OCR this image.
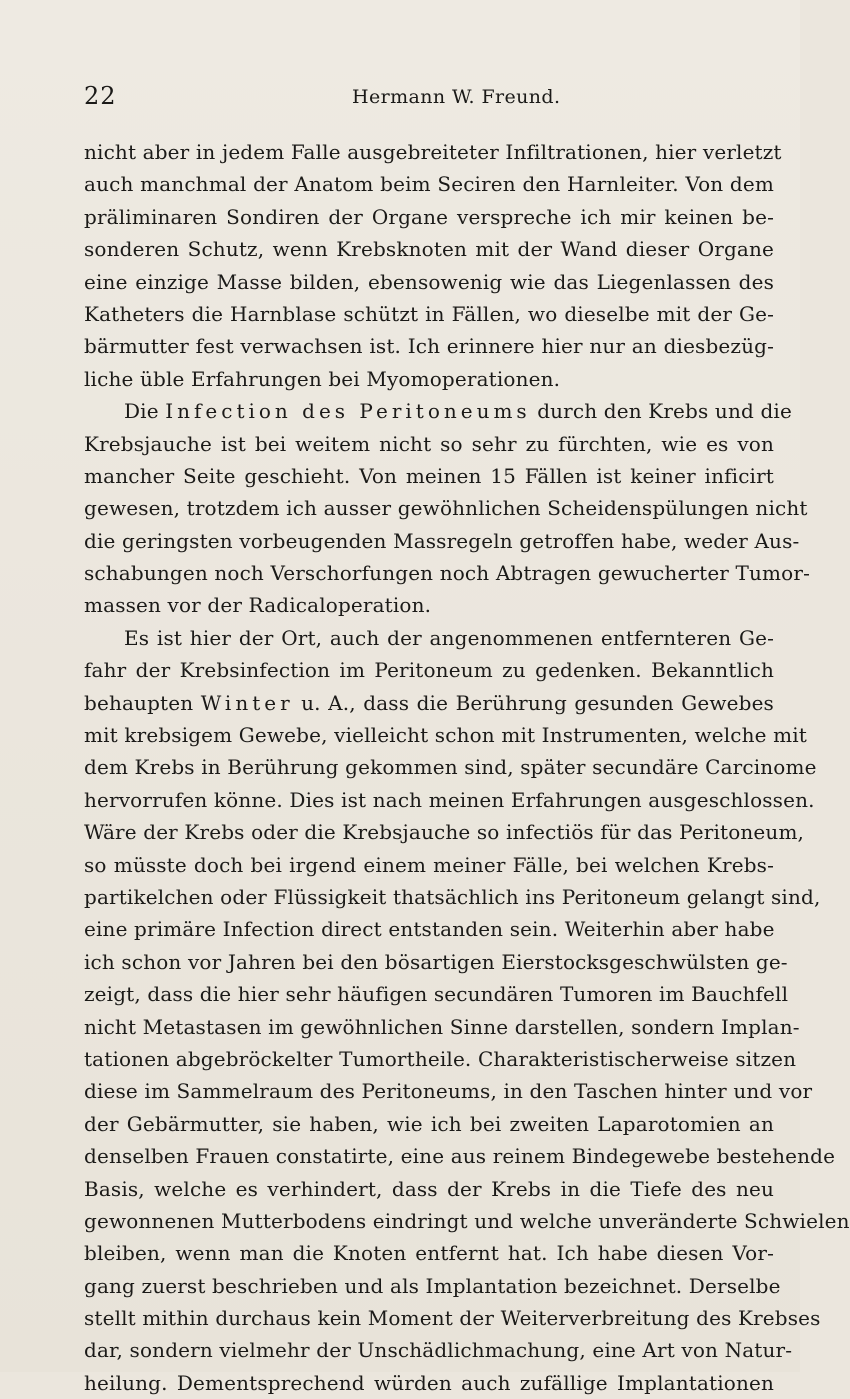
22	Hermann W. Freund.
nicht aber in jedem Falle ausgebreiteter Infiltrationen, hier verletzt
auch manchmal der Anatom beim Seciren den Harnleiter. Von dem
präliminaren Sondiren der Organe verspreche ich mir keinen be-
sonderen Schutz, wenn Krebsknoten mit der Wand dieser Organe
eine einzige Masse bilden, ebensowenig wie das Liegenlassen des
Katheters die Harnblase schützt in Fällen, wo dieselbe mit der Ge-
bärmutter fest verwachsen ist. Ich erinnere hier nur an diesbezüg-
liche üble Erfahrungen bei Myomoperationen.
Die Infection des Peritoneums durch den Krebs und die
Krebsjauche ist bei weitem nicht so sehr zu fürchten, wie es von
mancher Seite geschieht. Von meinen 15 Fällen ist keiner inficirt
gewesen, trotzdem ich ausser gewöhnlichen Scheidenspülungen nicht
die geringsten vorbeugenden Massregeln getroffen habe, weder Aus-
schabungen noch Verschorfungen noch Abtragen gewucherter Tumor-
massen vor der Radicaloperation.
Es ist hier der Ort, auch der angenommenen entfernteren Ge-
fahr der Krebsinfection im Peritoneum zu gedenken. Bekanntlich
behaupten Winter u. A., dass die Berührung gesunden Gewebes
mit krebsigem Gewebe, vielleicht schon mit Instrumenten, welche mit
dem Krebs in Berührung gekommen sind, später secundäre Carcinome
hervorrufen könne. Dies ist nach meinen Erfahrungen ausgeschlossen.
Wäre der Krebs oder die Krebsjauche so infectiös für das Peritoneum,
so müsste doch bei irgend einem meiner Fälle, bei welchen Krebs-
partikelchen oder Flüssigkeit thatsächlich ins Peritoneum gelangt sind,
eine primäre Infection direct entstanden sein. Weiterhin aber habe
ich schon vor Jahren bei den bösartigen Eierstocksgeschwülsten ge-
zeigt, dass die hier sehr häufigen secundären Tumoren im Bauchfell
nicht Metastasen im gewöhnlichen Sinne darstellen, sondern Implan-
tationen abgebröckelter Tumortheile. Charakteristischerweise sitzen
diese im Sammelraum des Peritoneums, in den Taschen hinter und vor
der Gebärmutter, sie haben, wie ich bei zweiten Laparotomien an
denselben Frauen constatirte, eine aus reinem Bindegewebe bestehende
Basis, welche es verhindert, dass der Krebs in die Tiefe des neu
gewonnenen Mutterbodens eindringt und welche unveränderte Schwielen
bleiben, wenn man die Knoten entfernt hat. Ich habe diesen Vor-
gang zuerst beschrieben und als Implantation bezeichnet. Derselbe
stellt mithin durchaus kein Moment der Weiterverbreitung des Krebses
dar, sondern vielmehr der Unschädlichmachung, eine Art von Natur-
heilung. Dementsprechend würden auch zufällige Implantationen
